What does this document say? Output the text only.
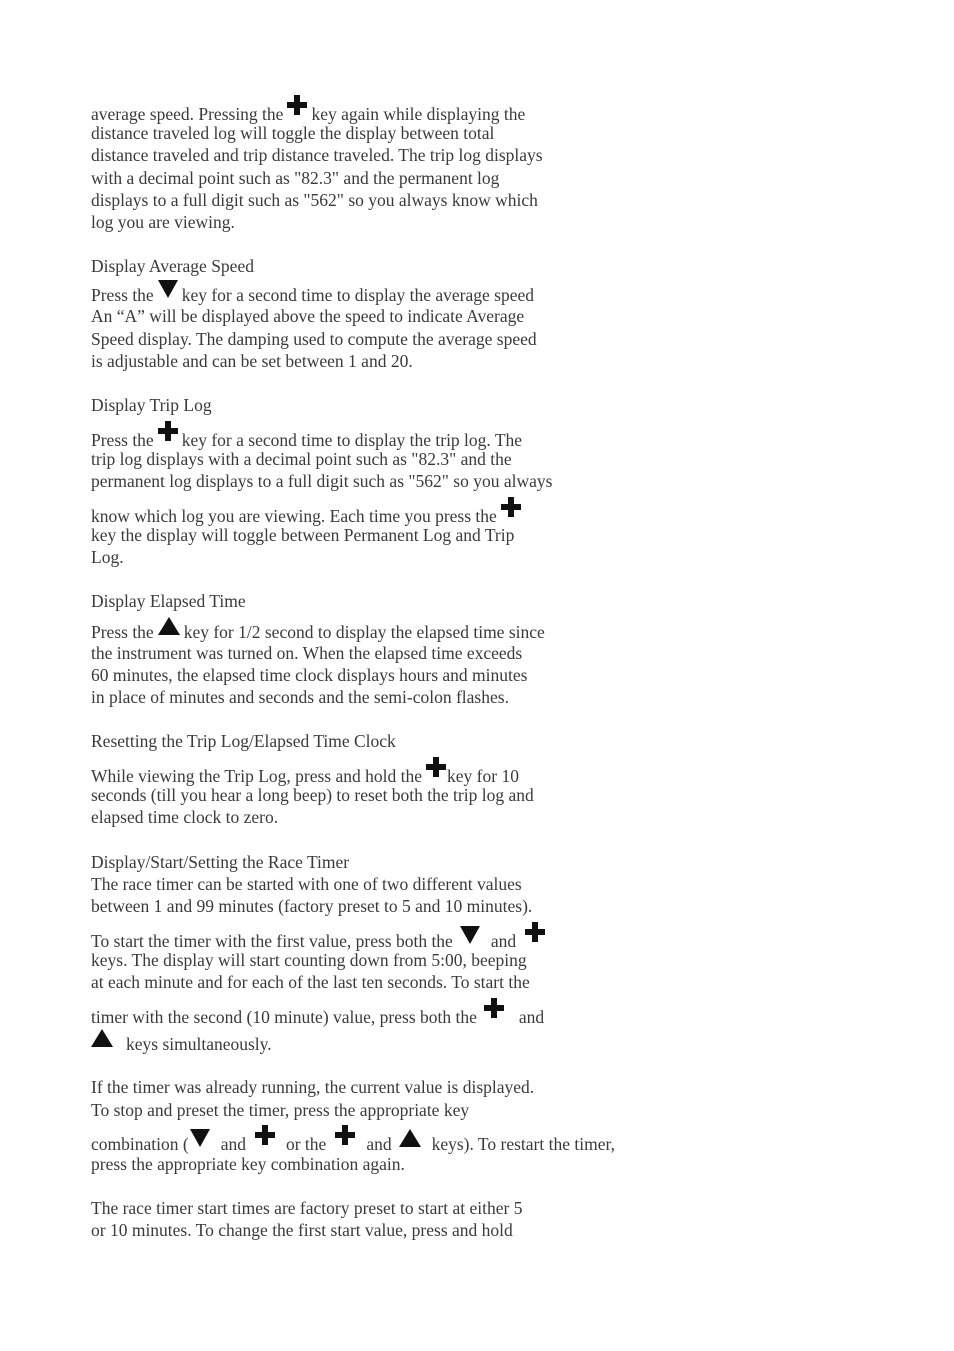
average speed. Pressing the key again while displaying the
distance traveled log will toggle the display between total
distance traveled and trip distance traveled. The trip log displays
with a decimal point such as "82.3" and the permanent log
displays to a full digit such as "562" so you always know which
log you are viewing.
Display Average Speed
Press the key for a second time to display the average speed
An “A” will be displayed above the speed to indicate Average
Speed display. The damping used to compute the average speed
is adjustable and can be set between 1 and 20.
Display Trip Log
Press the key for a second time to display the trip log. The
trip log displays with a decimal point such as "82.3" and the
permanent log displays to a full digit such as "562" so you always
know which log you are viewing. Each time you press the
key the display will toggle between Permanent Log and Trip
Log.
Display Elapsed Time
Press the key for 1/2 second to display the elapsed time since
the instrument was turned on. When the elapsed time exceeds
60 minutes, the elapsed time clock displays hours and minutes
in place of minutes and seconds and the semi-colon flashes.
Resetting the Trip Log/Elapsed Time Clock
While viewing the Trip Log, press and hold the key for 10
seconds (till you hear a long beep) to reset both the trip log and
elapsed time clock to zero.
Display/Start/Setting the Race Timer
The race timer can be started with one of two different values
between 1 and 99 minutes (factory preset to 5 and 10 minutes).
To start the timer with the first value, press both the and
keys. The display will start counting down from 5:00, beeping
at each minute and for each of the last ten seconds. To start the
timer with the second (10 minute) value, press both the and
keys simultaneously.
If the timer was already running, the current value is displayed.
To stop and preset the timer, press the appropriate key
combination ( and or the and keys). To restart the timer,
press the appropriate key combination again.
The race timer start times are factory preset to start at either 5
or 10 minutes. To change the first start value, press and hold
